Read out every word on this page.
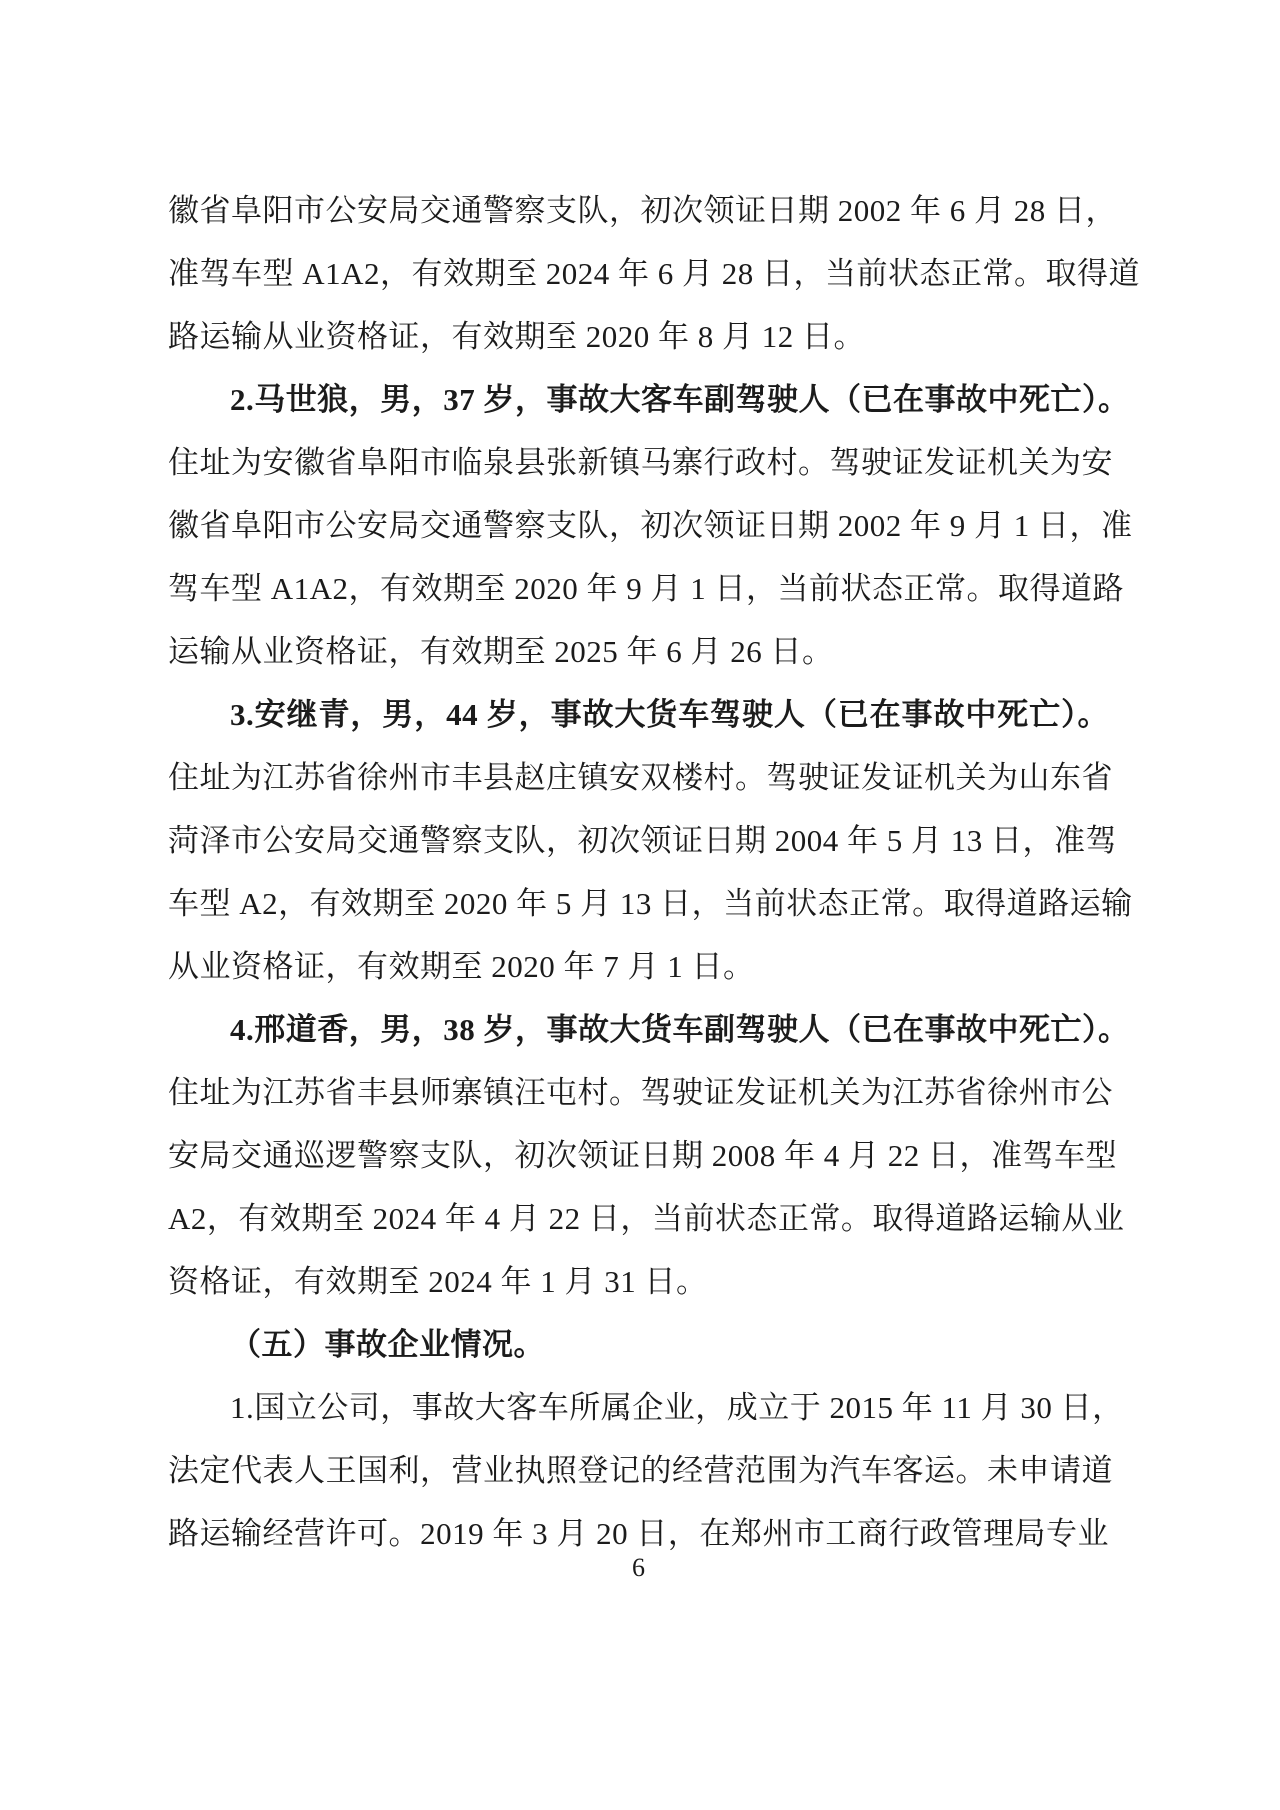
徽省阜阳市公安局交通警察支队，初次领证日期 2002 年 6 月 28 日，
准驾车型 A1A2，有效期至 2024 年 6 月 28 日，当前状态正常。取得道
路运输从业资格证，有效期至 2020 年 8 月 12 日。
2.马世狼，男，37 岁，事故大客车副驾驶人（已在事故中死亡）。
住址为安徽省阜阳市临泉县张新镇马寨行政村。驾驶证发证机关为安
徽省阜阳市公安局交通警察支队，初次领证日期 2002 年 9 月 1 日，准
驾车型 A1A2，有效期至 2020 年 9 月 1 日，当前状态正常。取得道路
运输从业资格证，有效期至 2025 年 6 月 26 日。
3.安继青，男，44 岁，事故大货车驾驶人（已在事故中死亡）。
住址为江苏省徐州市丰县赵庄镇安双楼村。驾驶证发证机关为山东省
菏泽市公安局交通警察支队，初次领证日期 2004 年 5 月 13 日，准驾
车型 A2，有效期至 2020 年 5 月 13 日，当前状态正常。取得道路运输
从业资格证，有效期至 2020 年 7 月 1 日。
4.邢道香，男，38 岁，事故大货车副驾驶人（已在事故中死亡）。
住址为江苏省丰县师寨镇汪屯村。驾驶证发证机关为江苏省徐州市公
安局交通巡逻警察支队，初次领证日期 2008 年 4 月 22 日，准驾车型
A2，有效期至 2024 年 4 月 22 日，当前状态正常。取得道路运输从业
资格证，有效期至 2024 年 1 月 31 日。
（五）事故企业情况。
1.国立公司，事故大客车所属企业，成立于 2015 年 11 月 30 日，
法定代表人王国利，营业执照登记的经营范围为汽车客运。未申请道
路运输经营许可。2019 年 3 月 20 日，在郑州市工商行政管理局专业
6
